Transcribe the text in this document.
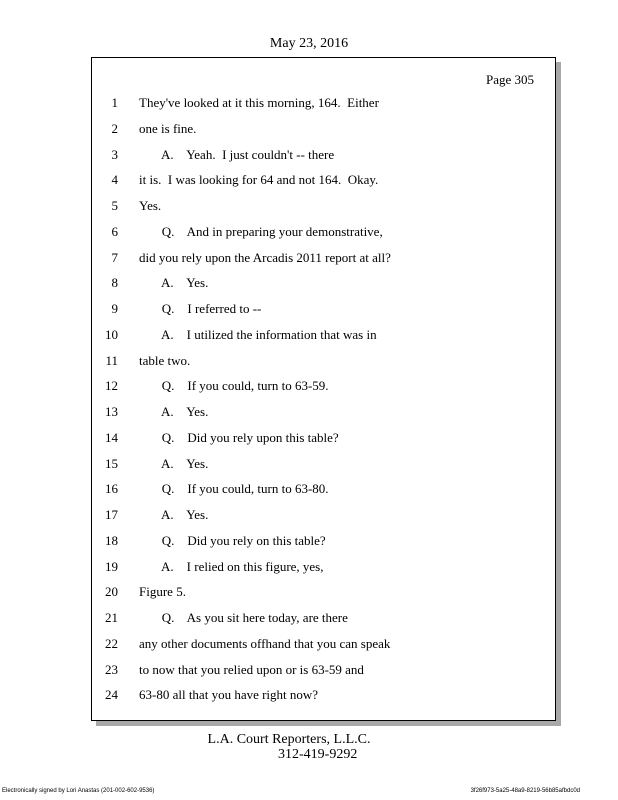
May 23, 2016
Page 305
1 They've looked at it this morning, 164.  Either
2 one is fine.
3 A.    Yeah.  I just couldn't -- there
4 it is.  I was looking for 64 and not 164.  Okay.
5 Yes.
6 Q.    And in preparing your demonstrative,
7 did you rely upon the Arcadis 2011 report at all?
8 A.    Yes.
9 Q.    I referred to --
10 A.    I utilized the information that was in
11 table two.
12 Q.    If you could, turn to 63-59.
13 A.    Yes.
14 Q.    Did you rely upon this table?
15 A.    Yes.
16 Q.    If you could, turn to 63-80.
17 A.    Yes.
18 Q.    Did you rely on this table?
19 A.    I relied on this figure, yes,
20 Figure 5.
21 Q.    As you sit here today, are there
22 any other documents offhand that you can speak
23 to now that you relied upon or is 63-59 and
24 63-80 all that you have right now?
L.A. Court Reporters, L.L.C.
312-419-9292
Electronically signed by Lori Anastas (201-002-602-9536)	3f26f973-5a25-48a9-8219-56b85afbdc0d
